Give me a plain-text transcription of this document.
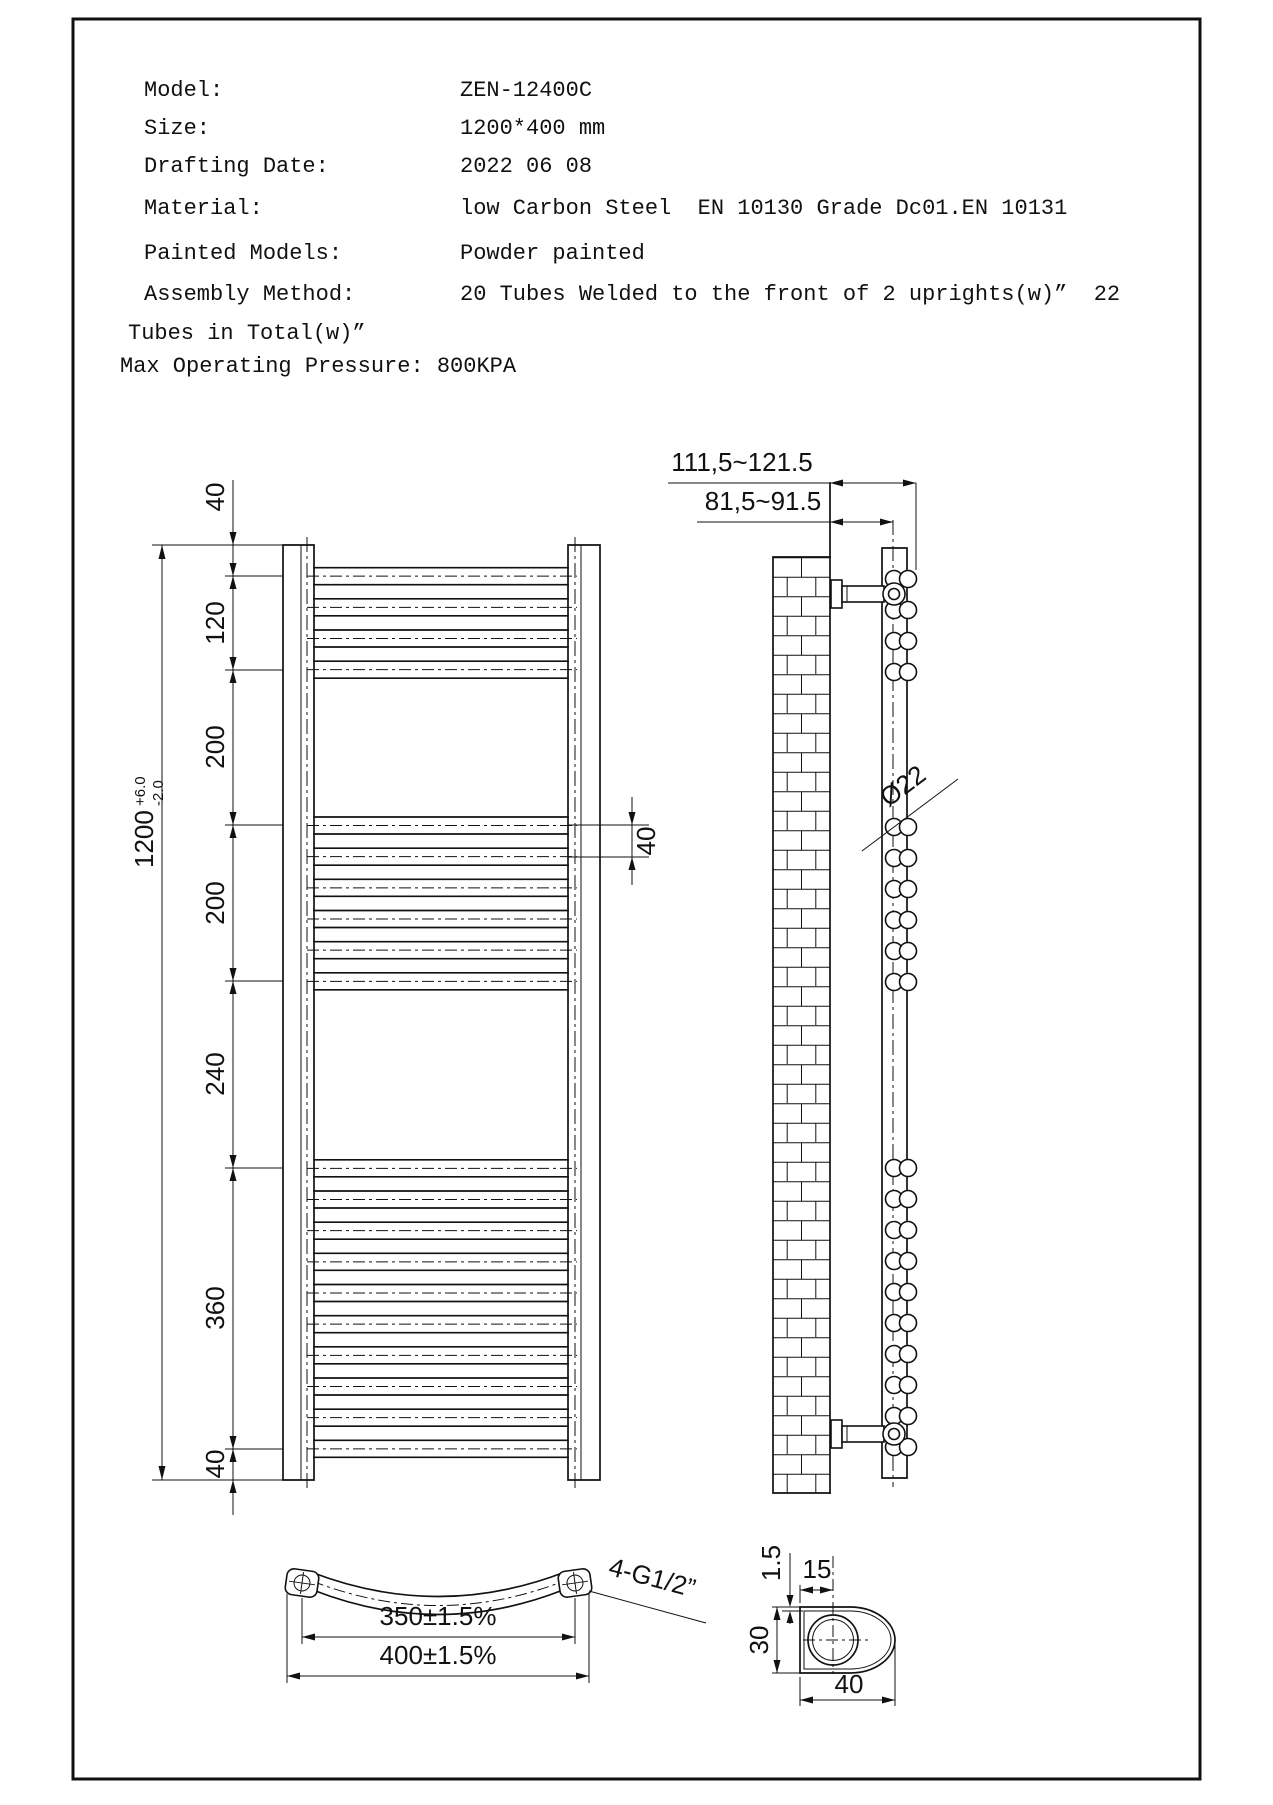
Model:	ZEN-12400C
Size:	1200*400 mm
Drafting Date:	2022 06 08
Material:	low Carbon Steel  EN 10130 Grade Dc01.EN 10131
Painted Models:	Powder painted
Assembly Method:	20 Tubes Welded to the front of 2 uprights(w)”  22
Tubes in Total(w)”
Max Operating Pressure: 800KPA
1200
+6.0 -2.0
40
120
200
200
240
360
40
40
111,5~121.5
81,5~91.5
Ø22
350±1.5%
400±1.5%
4-G1/2” 1.5 15
30
40
